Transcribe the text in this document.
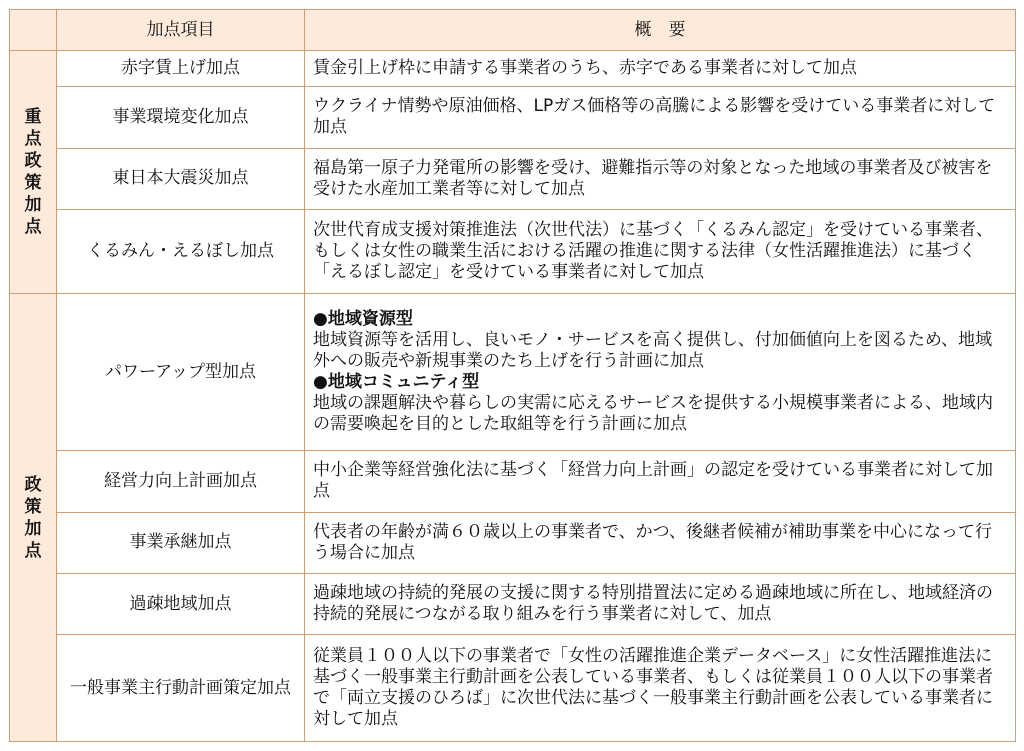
	加点項目	概　要
重点政策加点	赤字賃上げ加点	賃金引上げ枠に申請する事業者のうち、赤字である事業者に対して加点
	事業環境変化加点	ウクライナ情勢や原油価格、LPガス価格等の高騰による影響を受けている事業者に対して加点
	東日本大震災加点	福島第一原子力発電所の影響を受け、避難指示等の対象となった地域の事業者及び被害を受けた水産加工業者等に対して加点
	くるみん・えるぼし加点	次世代育成支援対策推進法（次世代法）に基づく「くるみん認定」を受けている事業者、もしくは女性の職業生活における活躍の推進に関する法律（女性活躍推進法）に基づく「えるぼし認定」を受けている事業者に対して加点
政策加点	パワーアップ型加点	●地域資源型
地域資源等を活用し、良いモノ・サービスを高く提供し、付加価値向上を図るため、地域外への販売や新規事業のたち上げを行う計画に加点
●地域コミュニティ型
地域の課題解決や暮らしの実需に応えるサービスを提供する小規模事業者による、地域内の需要喚起を目的とした取組等を行う計画に加点

	経営力向上計画加点	中小企業等経営強化法に基づく「経営力向上計画」の認定を受けている事業者に対して加点
	事業承継加点	代表者の年齢が満６０歳以上の事業者で、かつ、後継者候補が補助事業を中心になって行う場合に加点
	過疎地域加点	過疎地域の持続的発展の支援に関する特別措置法に定める過疎地域に所在し、地域経済の持続的発展につながる取り組みを行う事業者に対して、加点
	一般事業主行動計画策定加点	従業員１００人以下の事業者で「女性の活躍推進企業データベース」に女性活躍推進法に基づく一般事業主行動計画を公表している事業者、もしくは従業員１００人以下の事業者で「両立支援のひろば」に次世代法に基づく一般事業主行動計画を公表している事業者に対して加点
